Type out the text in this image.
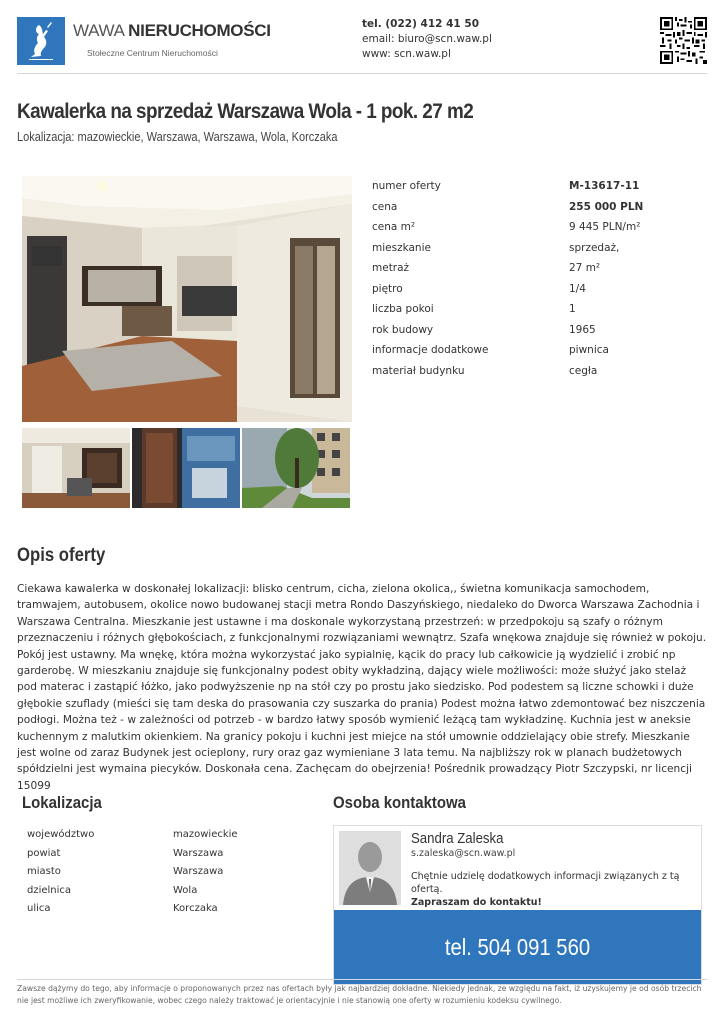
WAWA NIERUCHOMOŚCI
Stołeczne Centrum Nieruchomości
tel. (022) 412 41 50
email: biuro@scn.waw.pl
www: scn.waw.pl
Kawalerka na sprzedaż Warszawa Wola - 1 pok. 27 m2
Lokalizacja: mazowieckie, Warszawa, Warszawa, Wola, Korczaka
numer oferty	M-13617-11
cena	255 000 PLN
cena m²	9 445 PLN/m²
mieszkanie	sprzedaż,
metraż	27 m²
piętro	1/4
liczba pokoi	1
rok budowy	1965
informacje dodatkowe	piwnica
materiał budynku	cegła
Opis oferty

Ciekawa kawalerka w doskonałej lokalizacji: blisko centrum, cicha, zielona okolica,, świetna komunikacja samochodem, tramwajem, autobusem, okolice nowo budowanej stacji metra Rondo Daszyńskiego, niedaleko do Dworca Warszawa Zachodnia i Warszawa Centralna. Mieszkanie jest ustawne i ma doskonale wykorzystaną przestrzeń: w przedpokoju są szafy o różnym przeznaczeniu i różnych głębokościach, z funkcjonalnymi rozwiązaniami wewnątrz. Szafa wnękowa znajduje się również w pokoju. Pokój jest ustawny. Ma wnękę, która można wykorzystać jako sypialnię, kącik do pracy lub całkowicie ją wydzielić i zrobić np garderobę. W mieszkaniu znajduje się funkcjonalny podest obity wykładziną, dający wiele możliwości: może służyć jako stelaż pod materac i zastąpić łóżko, jako podwyższenie np na stół czy po prostu jako siedzisko. Pod podestem są liczne schowki i duże głębokie szuflady (mieści się tam deska do prasowania czy suszarka do prania) Podest można łatwo zdemontować bez niszczenia podłogi. Można też - w zależności od potrzeb - w bardzo łatwy sposób wymienić leżącą tam wykładzinę. Kuchnia jest w aneksie kuchennym z malutkim okienkiem. Na granicy pokoju i kuchni jest miejce na stół umownie oddzielający obie strefy. Mieszkanie jest wolne od zaraz Budynek jest ocieplony, rury oraz gaz wymieniane 3 lata temu. Na najbliższy rok w planach budżetowych spółdzielni jest wymaina piecyków. Doskonała cena. Zachęcam do obejrzenia! Pośrednik prowadzący Piotr Szczypski, nr licencji 15099

Lokalizacja
województwo	mazowieckie
powiat	Warszawa
miasto	Warszawa
dzielnica	Wola
ulica	Korczaka
Osoba kontaktowa
Sandra Zaleska
s.zaleska@scn.waw.pl
Chętnie udzielę dodatkowych informacji związanych z tą ofertą.
Zapraszam do kontaktu!
tel. 504 091 560

Zawsze dążymy do tego, aby informacje o proponowanych przez nas ofertach były jak najbardziej dokładne. Niekiedy jednak, ze względu na fakt, iż uzyskujemy je od osób trzecich nie jest możliwe ich zweryfikowanie, wobec czego należy traktować je orientacyjnie i nie stanowią one oferty w rozumieniu kodeksu cywilnego.
